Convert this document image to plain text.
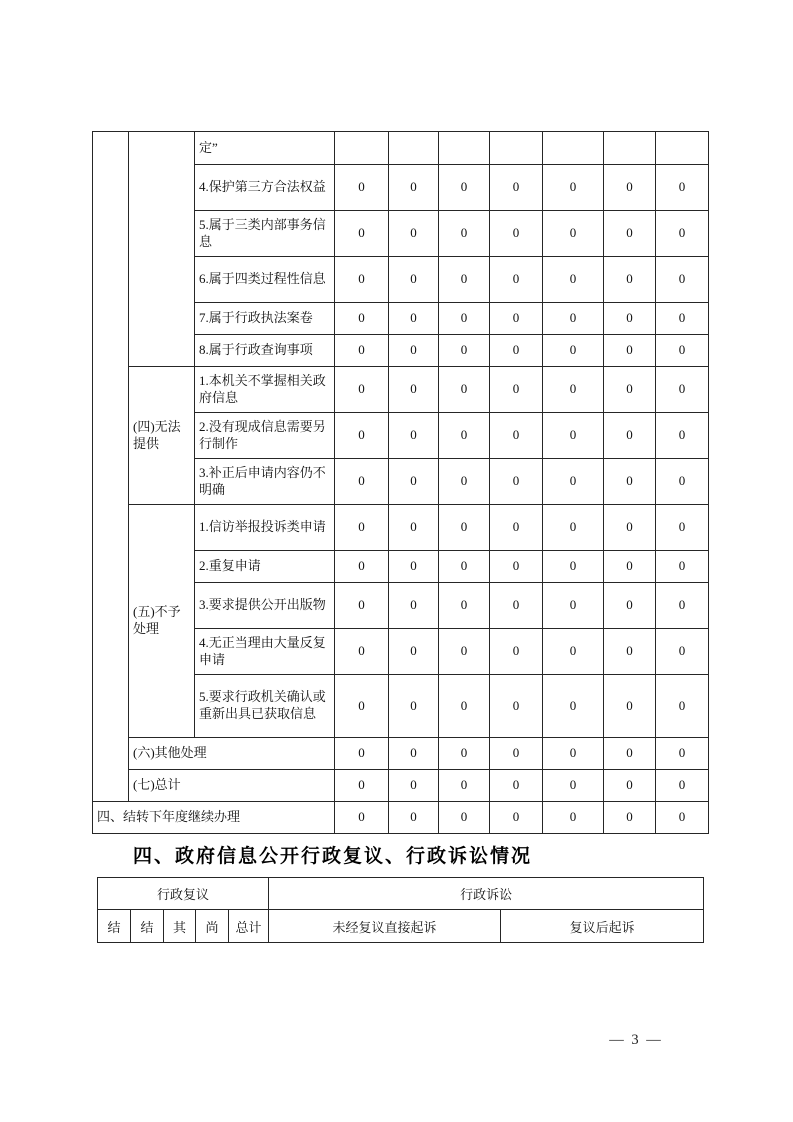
		定”							
		4.保护第三方合法权益	0	0	0	0	0	0	0
		5.属于三类内部事务信息	0	0	0	0	0	0	0
		6.属于四类过程性信息	0	0	0	0	0	0	0
		7.属于行政执法案卷	0	0	0	0	0	0	0
		8.属于行政查询事项	0	0	0	0	0	0	0
	(四)无法提供	1.本机关不掌握相关政府信息	0	0	0	0	0	0	0
		2.没有现成信息需要另行制作	0	0	0	0	0	0	0
		3.补正后申请内容仍不明确	0	0	0	0	0	0	0
	(五)不予处理	1.信访举报投诉类申请	0	0	0	0	0	0	0
		2.重复申请	0	0	0	0	0	0	0
		3.要求提供公开出版物	0	0	0	0	0	0	0
		4.无正当理由大量反复申请	0	0	0	0	0	0	0
		5.要求行政机关确认或重新出具已获取信息	0	0	0	0	0	0	0
	(六)其他处理		0	0	0	0	0	0	0
	(七)总计		0	0	0	0	0	0	0
四、结转下年度继续办理			0	0	0	0	0	0	0
四、政府信息公开行政复议、行政诉讼情况
行政复议					行政诉讼	
结	结	其	尚	总计	未经复议直接起诉	复议后起诉
— 3 —
